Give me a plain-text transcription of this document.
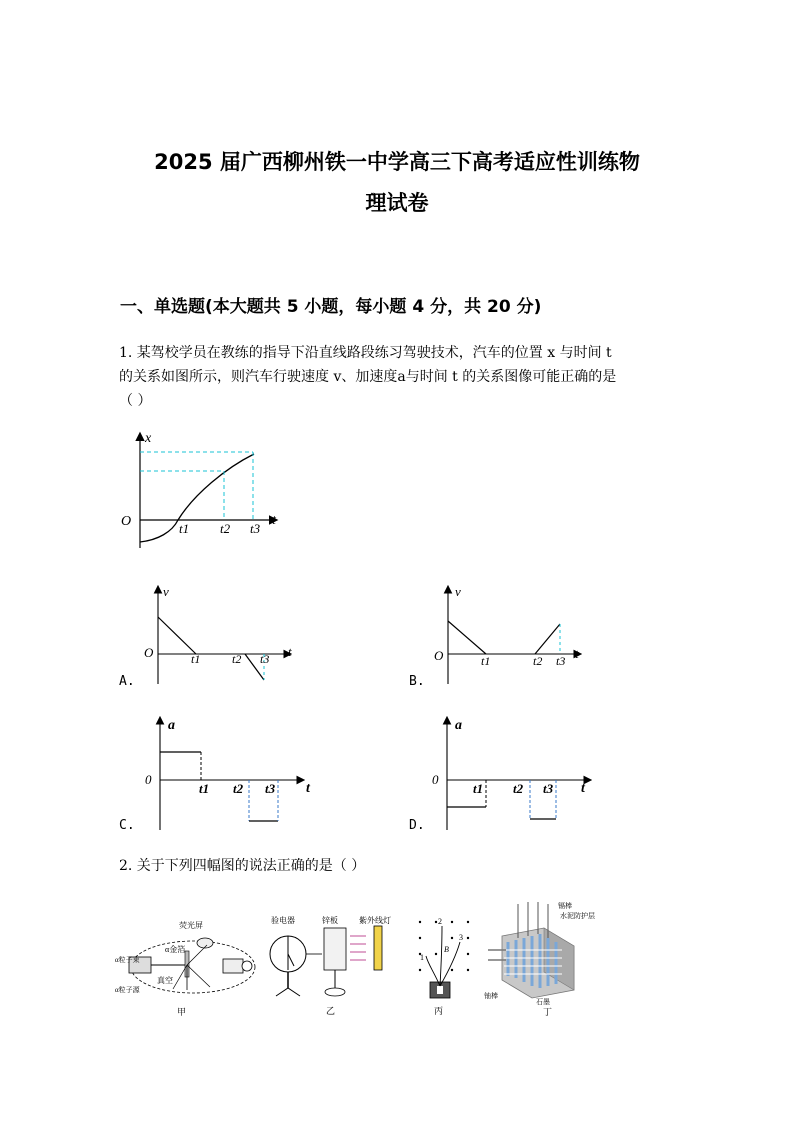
2025 届广西柳州铁一中学高三下高考适应性训练物
理试卷
一、单选题(本大题共 5 小题，每小题 4 分，共 20 分)
1. 某驾校学员在教练的指导下沿直线路段练习驾驶技术，汽车的位置 x 与时间 t
的关系如图所示，则汽车行驶速度 v、加速度a与时间 t 的关系图像可能正确的是
（ ）
x
t
O	t1 t2 t3
v
t
O	t1	t2 t3
A.
v
t
O	t1	t2 t3
B.
a
t
0
t1 t2 t3
C.
a
t
0
t1 t2 t3
D.
2. 关于下列四幅图的说法正确的是（ ）
荧光屏
α金箔
α粒子束
真空
α粒子源
甲
验电器	锌板	紫外线灯
乙
1
2
3
B
丙
镉棒
水泥防护层
铀棒
石墨
丁
